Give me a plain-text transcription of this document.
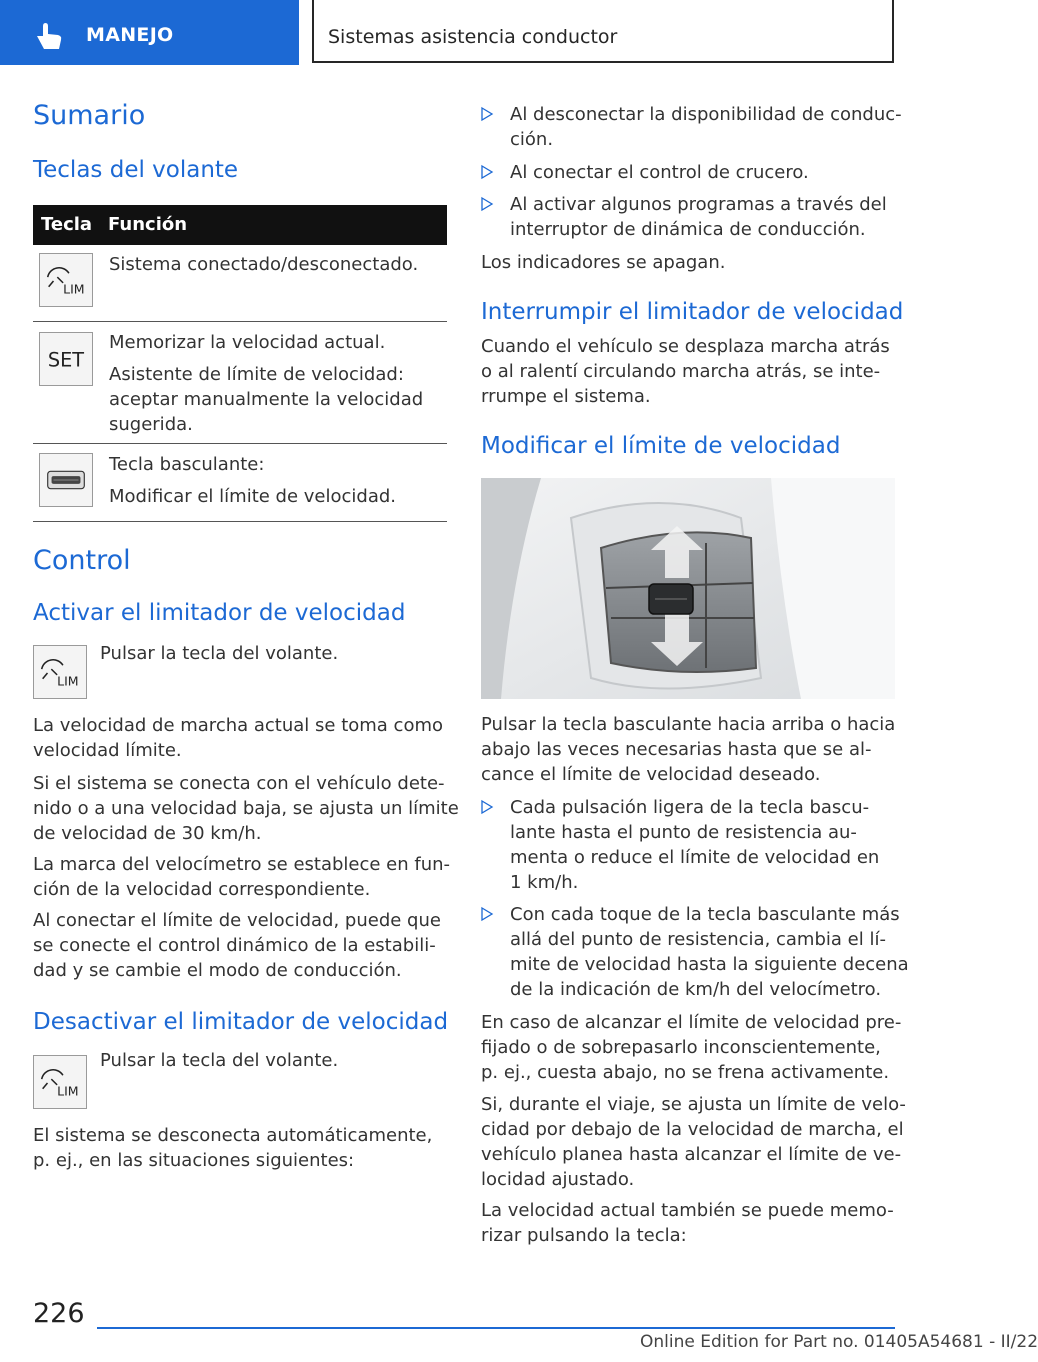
MANEJO	Sistemas asistencia conductor
Sumario
Teclas del volante
Tecla Función
LIM
Sistema conectado/desconectado.
SET
Memorizar la velocidad actual.
Asistente de límite de velocidad:
aceptar manualmente la velocidad
sugerida.
Tecla basculante:
Modificar el límite de velocidad.
Control
Activar el limitador de velocidad
LIM
Pulsar la tecla del volante.
La velocidad de marcha actual se toma como
velocidad límite.
Si el sistema se conecta con el vehículo dete-
nido o a una velocidad baja, se ajusta un límite
de velocidad de 30 km/h.
La marca del velocímetro se establece en fun-
ción de la velocidad correspondiente.
Al conectar el límite de velocidad, puede que
se conecte el control dinámico de la estabili-
dad y se cambie el modo de conducción.
Desactivar el limitador de velocidad
LIM
Pulsar la tecla del volante.
El sistema se desconecta automáticamente,
p. ej., en las situaciones siguientes:
Al desconectar la disponibilidad de conduc-
ción.
Al conectar el control de crucero.
Al activar algunos programas a través del
interruptor de dinámica de conducción.
Los indicadores se apagan.
Interrumpir el limitador de velocidad
Cuando el vehículo se desplaza marcha atrás
o al ralentí circulando marcha atrás, se inte-
rrumpe el sistema.
Modificar el límite de velocidad
Pulsar la tecla basculante hacia arriba o hacia
abajo las veces necesarias hasta que se al-
cance el límite de velocidad deseado.
Cada pulsación ligera de la tecla bascu-
lante hasta el punto de resistencia au-
menta o reduce el límite de velocidad en
1 km/h.
Con cada toque de la tecla basculante más
allá del punto de resistencia, cambia el lí-
mite de velocidad hasta la siguiente decena
de la indicación de km/h del velocímetro.
En caso de alcanzar el límite de velocidad pre-
fijado o de sobrepasarlo inconscientemente,
p. ej., cuesta abajo, no se frena activamente.
Si, durante el viaje, se ajusta un límite de velo-
cidad por debajo de la velocidad de marcha, el
vehículo planea hasta alcanzar el límite de ve-
locidad ajustado.
La velocidad actual también se puede memo-
rizar pulsando la tecla:
226
Online Edition for Part no. 01405A54681 - II/22
